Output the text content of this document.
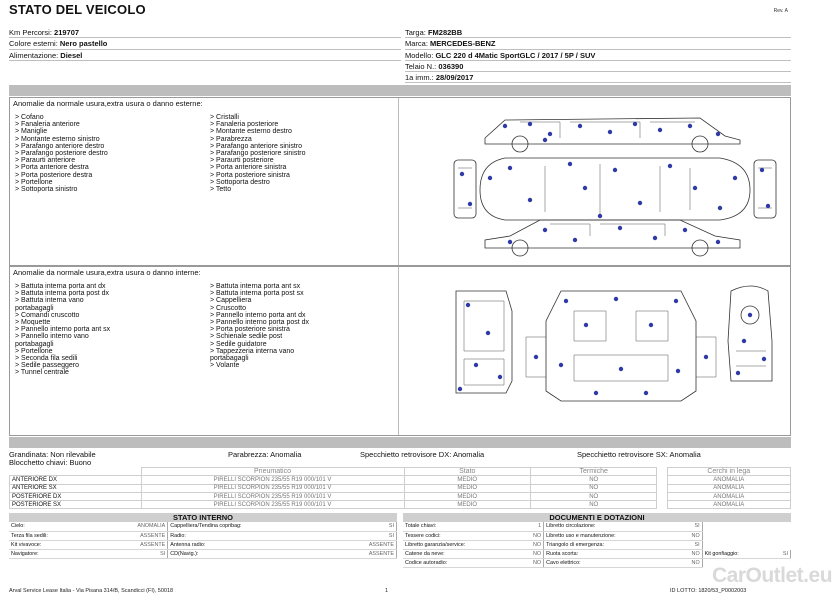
STATO DEL VEICOLO	Rev. A
Km Percorsi: 219707
Colore esterni: Nero pastello
Alimentazione: Diesel
Targa: FM282BB
Marca: MERCEDES-BENZ
Modello: GLC 220 d 4Matic SportGLC / 2017 / 5P / SUV
Telaio N.: 036390
1a imm.: 28/09/2017
Anomalie da normale usura,extra usura o danno esterne:
> Cofano
> Fanaleria anteriore
> Maniglie
> Montante esterno sinistro
> Parafango anteriore destro
> Parafango posteriore destro
> Paraurti anteriore
> Porta anteriore destra
> Porta posteriore destra
> Portellone
> Sottoporta sinistro
> Cristalli
> Fanaleria posteriore
> Montante esterno destro
> Parabrezza
> Parafango anteriore sinistro
> Parafango posteriore sinistro
> Paraurti posteriore
> Porta anteriore sinistra
> Porta posteriore sinistra
> Sottoporta destro
> Tetto
Anomalie da normale usura,extra usura o danno interne:
> Battuta interna porta ant dx
> Battuta interna porta post dx
> Battuta interna vano
portabagagli
> Comandi cruscotto
> Moquette
> Pannello interno porta ant sx
> Pannello interno vano
portabagagli
> Portellone
> Seconda fila sedili
> Sedile passeggero
> Tunnel centrale
> Battuta interna porta ant sx
> Battuta interna porta post sx
> Cappelliera
> Cruscotto
> Pannello interno porta ant dx
> Pannello interno porta post dx
> Porta posteriore sinistra
> Schienale sedile post
> Sedile guidatore
> Tappezzeria interna vano
portabagagli
> Volante
Grandinata: Non rilevabile	Parabrezza: Anomalia	Specchietto retrovisore DX: Anomalia	Specchietto retrovisore SX: Anomalia
Blocchetto chiavi: Buono
	Pneumatico	Stato	Termiche		Cerchi in lega
ANTERIORE DX	PIRELLI SCORPION 235/55 R19 000/101 V	MEDIO	NO		ANOMALIA
ANTERIORE SX	PIRELLI SCORPION 235/55 R19 000/101 V	MEDIO	NO		ANOMALIA
POSTERIORE DX	PIRELLI SCORPION 235/55 R19 000/101 V	MEDIO	NO		ANOMALIA
POSTERIORE SX	PIRELLI SCORPION 235/55 R19 000/101 V	MEDIO	NO		ANOMALIA
STATO INTERNO
Cielo:	ANOMALIA	Cappelliera/Tendina copribag:	SI
Terza fila sedili:	ASSENTE	Radio:	SI
Kit vivavoce:	ASSENTE	Antenna radio:	ASSENTE
Navigatore:	SI	CD(Navig.):	ASSENTE
DOCUMENTI E DOTAZIONI
Totale chiavi:	1	Libretto circolazione:	SI		
Tessere codici:	NO	Libretto uso e manutenzione:	NO		
Libretto garanzia/service:	NO	Triangolo di emergenza:	SI		
Catene da neve:	NO	Ruota scorta:	NO	Kit gonfiaggio:	SI
Codice autoradio:	NO	Cavo elettrico:	NO		
Arval Service Lease Italia - Via Pisana 314/B, Scandicci (FI), 50018	1	ID LOTTO: 1820/53_P0002003
CarOutlet.eu
